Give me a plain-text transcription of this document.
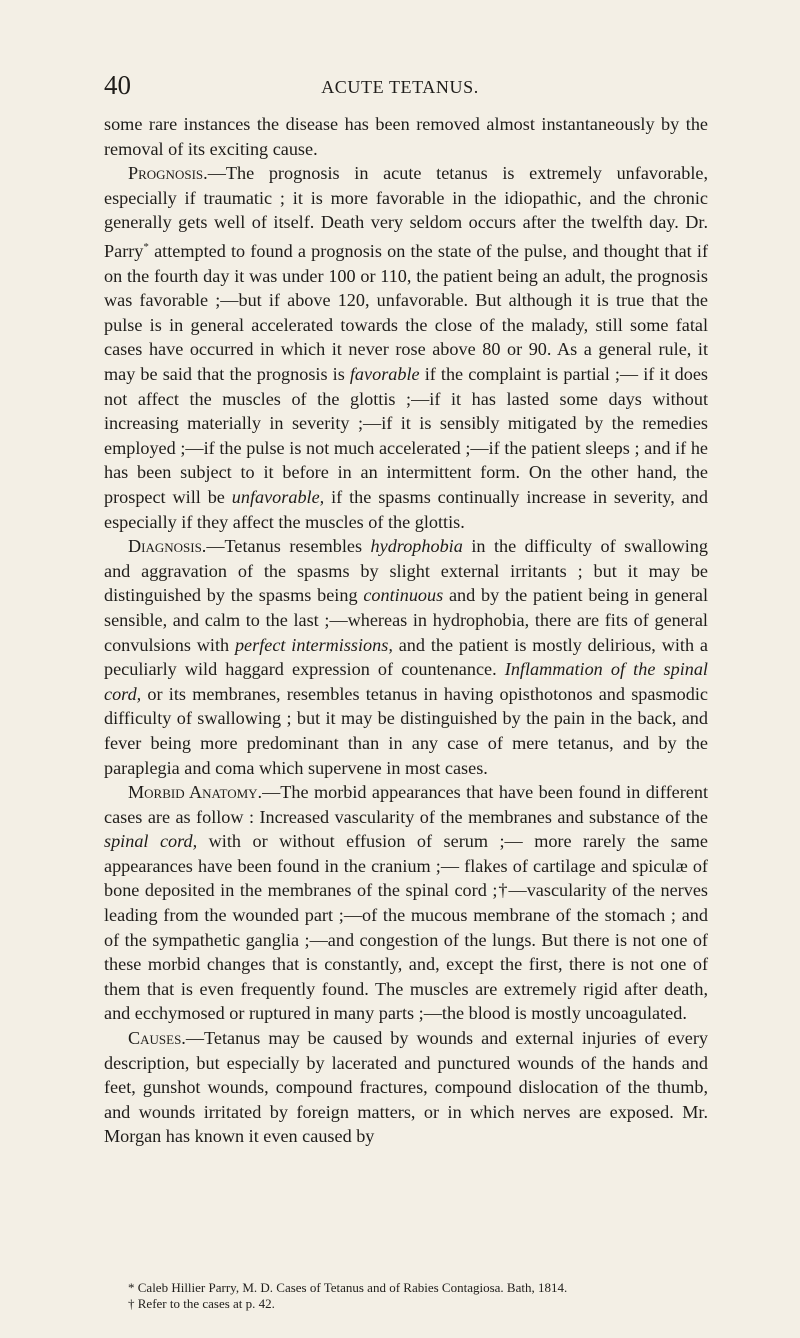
40	ACUTE TETANUS.

some rare instances the disease has been removed almost instantaneously by the removal of its exciting cause.

Prognosis.—The prognosis in acute tetanus is extremely unfavorable, especially if traumatic ; it is more favorable in the idiopathic, and the chronic generally gets well of itself. Death very seldom occurs after the twelfth day. Dr. Parry* attempted to found a prognosis on the state of the pulse, and thought that if on the fourth day it was under 100 or 110, the patient being an adult, the prognosis was favorable ;—but if above 120, unfavorable. But although it is true that the pulse is in general accelerated towards the close of the malady, still some fatal cases have occurred in which it never rose above 80 or 90. As a general rule, it may be said that the prognosis is favorable if the complaint is partial ;— if it does not affect the muscles of the glottis ;—if it has lasted some days without increasing materially in severity ;—if it is sensibly mitigated by the remedies employed ;—if the pulse is not much accelerated ;—if the patient sleeps ; and if he has been subject to it before in an intermittent form. On the other hand, the prospect will be unfavorable, if the spasms continually increase in severity, and especially if they affect the muscles of the glottis.

Diagnosis.—Tetanus resembles hydrophobia in the difficulty of swallowing and aggravation of the spasms by slight external irritants ; but it may be distinguished by the spasms being continuous and by the patient being in general sensible, and calm to the last ;—whereas in hydrophobia, there are fits of general convulsions with perfect intermissions, and the patient is mostly delirious, with a peculiarly wild haggard expression of countenance. Inflammation of the spinal cord, or its membranes, resembles tetanus in having opisthotonos and spasmodic difficulty of swallowing ; but it may be distinguished by the pain in the back, and fever being more predominant than in any case of mere tetanus, and by the paraplegia and coma which supervene in most cases.

Morbid Anatomy.—The morbid appearances that have been found in different cases are as follow : Increased vascularity of the membranes and substance of the spinal cord, with or without effusion of serum ;— more rarely the same appearances have been found in the cranium ;— flakes of cartilage and spiculæ of bone deposited in the membranes of the spinal cord ;†—vascularity of the nerves leading from the wounded part ;—of the mucous membrane of the stomach ; and of the sympathetic ganglia ;—and congestion of the lungs. But there is not one of these morbid changes that is constantly, and, except the first, there is not one of them that is even frequently found. The muscles are extremely rigid after death, and ecchymosed or ruptured in many parts ;—the blood is mostly uncoagulated.

Causes.—Tetanus may be caused by wounds and external injuries of every description, but especially by lacerated and punctured wounds of the hands and feet, gunshot wounds, compound fractures, compound dislocation of the thumb, and wounds irritated by foreign matters, or in which nerves are exposed. Mr. Morgan has known it even caused by

* Caleb Hillier Parry, M. D. Cases of Tetanus and of Rabies Contagiosa. Bath, 1814.
† Refer to the cases at p. 42.
